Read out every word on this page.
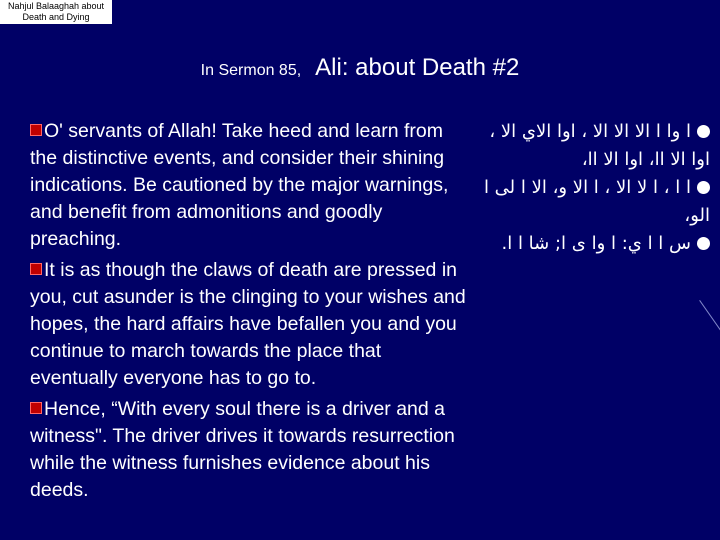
Nahjul Balaaghah about
Death and Dying
In Sermon 85, Ali: about Death #2

O' servants of Allah! Take heed and learn from the distinctive events, and consider their shining indications. Be cautioned by the major warnings, and benefit from admonitions and goodly preaching.

It is as though the claws of death are pressed in you, cut asunder is the clinging to your wishes and hopes, the hard affairs have befallen you and you continue to march towards the place that eventually everyone has to go to.

Hence, “With every soul there is a driver and a witness". The driver drives it towards resurrection while the witness furnishes evidence about his deeds.

ا وا ا الا الا الا ، اوا الاي الا ، اوا الا اا، اوا الا اا،

ا ا ، ا لا الا ، ا الا و، الا ا لى ا الو،

س ا ا ي: ا وا ى ا; شا ا ا.
